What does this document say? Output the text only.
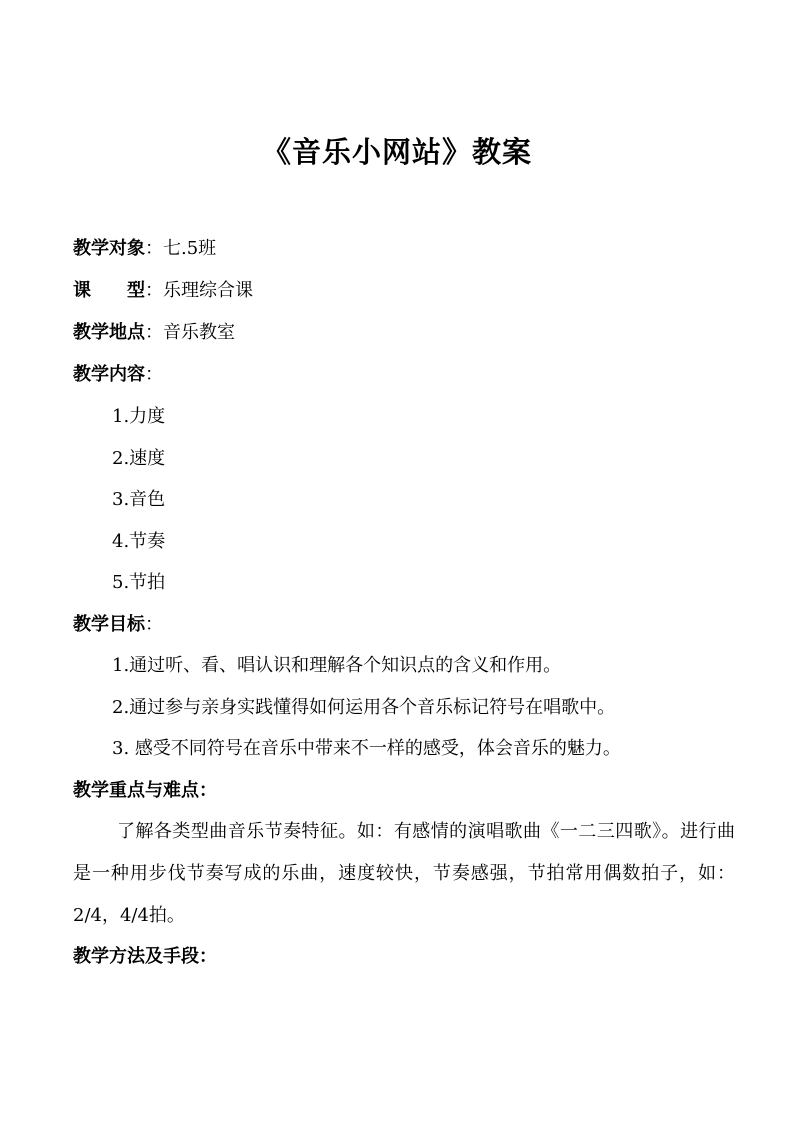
《音乐小网站》教案

教学对象：七.5班

课 型：乐理综合课

教学地点：音乐教室

教学内容：

1.力度

2.速度

3.音色

4.节奏

5.节拍

教学目标：

1.通过听、看、唱认识和理解各个知识点的含义和作用。

2.通过参与亲身实践懂得如何运用各个音乐标记符号在唱歌中。

3. 感受不同符号在音乐中带来不一样的感受，体会音乐的魅力。

教学重点与难点：

了解各类型曲音乐节奏特征。如：有感情的演唱歌曲《一二三四歌》。进行曲是一种用步伐节奏写成的乐曲，速度较快，节奏感强，节拍常用偶数拍子，如：2/4，4/4拍。

教学方法及手段：
